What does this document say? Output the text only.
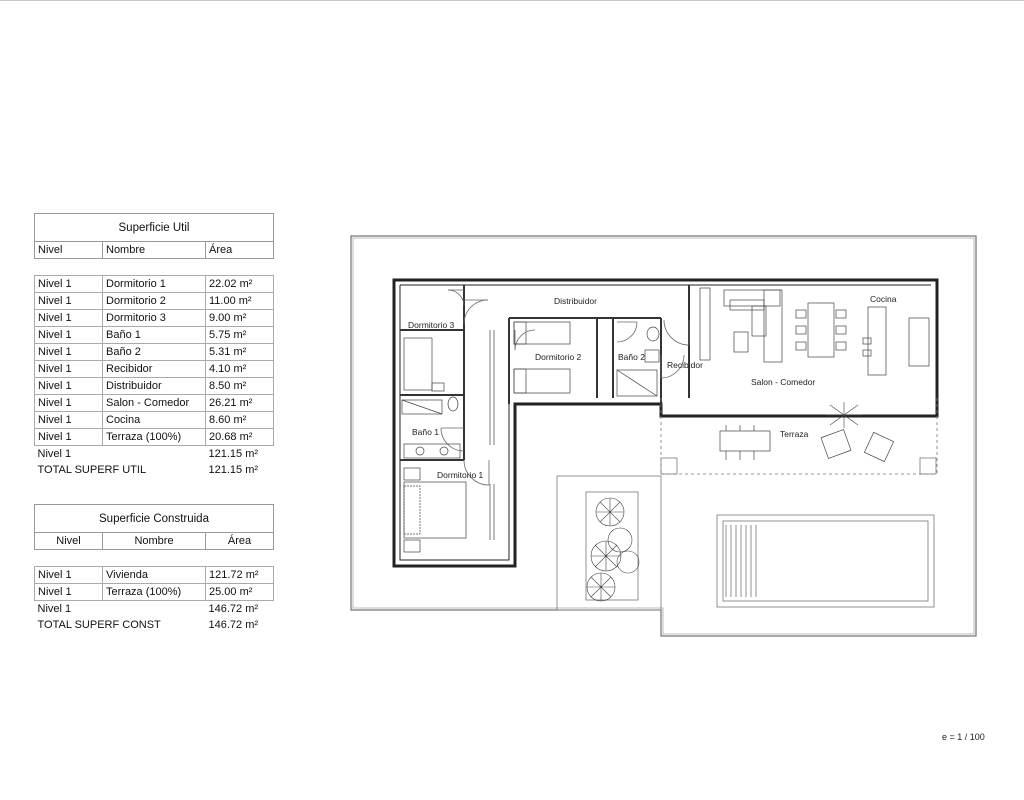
Superficie Util		
Nivel	Nombre	Área

Nivel 1	Dormitorio 1	22.02 m²
Nivel 1	Dormitorio 2	11.00 m²
Nivel 1	Dormitorio 3	9.00 m²
Nivel 1	Baño 1	5.75 m²
Nivel 1	Baño 2	5.31 m²
Nivel 1	Recibidor	4.10 m²
Nivel 1	Distribuidor	8.50 m²
Nivel 1	Salon - Comedor	26.21 m²
Nivel 1	Cocina	8.60 m²
Nivel 1	Terraza (100%)	20.68 m²
Nivel 1		121.15 m²
TOTAL SUPERF UTIL		121.15 m²
Superficie Construida		
Nivel	Nombre	Área

Nivel 1	Vivienda	121.72 m²
Nivel 1	Terraza (100%)	25.00 m²
Nivel 1		146.72 m²
TOTAL SUPERF CONST		146.72 m²
Distribuidor
Dormitorio 3
Dormitorio 2	Baño 2
Recibidor
Salon - Comedor
Cocina
Terraza
Baño 1
Dormitorio 1
e = 1 / 100
